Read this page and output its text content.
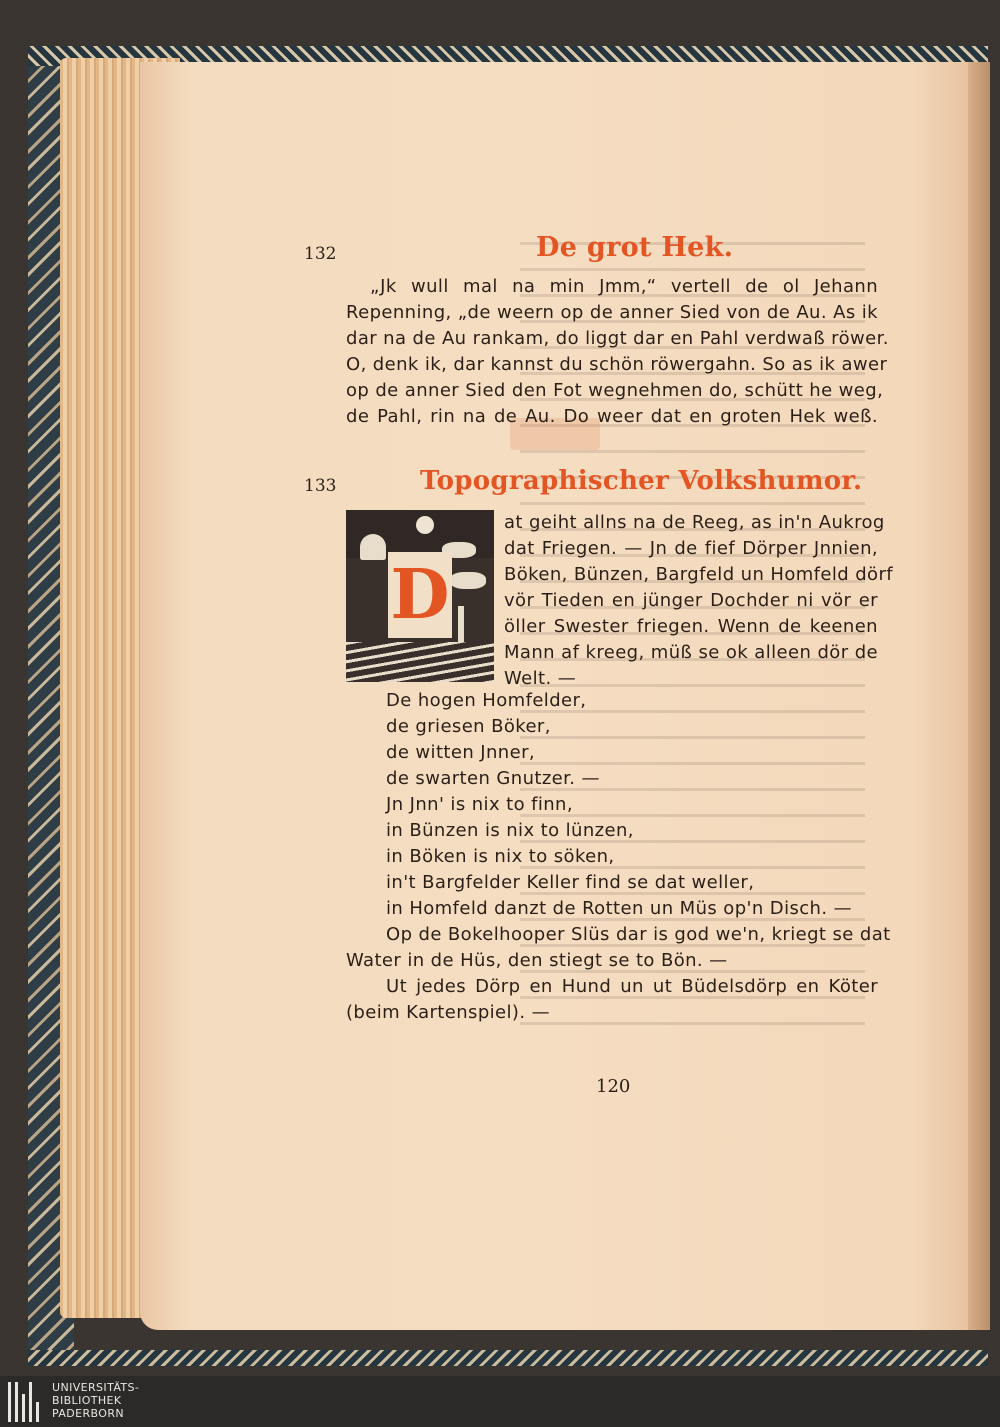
132	De grot Hek.
„Jk wull mal na min Jmm,“ vertell de ol Jehann
Repenning, „de weern op de anner Sied von de Au. As ik
dar na de Au rankam, do liggt dar en Pahl verdwaß röwer.
O, denk ik, dar kannst du schön röwergahn. So as ik awer
op de anner Sied den Fot wegnehmen do, schütt he weg,
de Pahl, rin na de Au. Do weer dat en groten Hek weß.
133	Topographischer Volkshumor.
D
at geiht allns na de Reeg, as in'n Aukrog
dat Friegen. — Jn de fief Dörper Jnnien,
Böken, Bünzen, Bargfeld un Homfeld dörf
vör Tieden en jünger Dochder ni vör er
öller Swester friegen. Wenn de keenen
Mann af kreeg, müß se ok alleen dör de
Welt. —
De hogen Homfelder,
de griesen Böker,
de witten Jnner,
de swarten Gnutzer. —
Jn Jnn' is nix to finn,
in Bünzen is nix to lünzen,
in Böken is nix to söken,
in't Bargfelder Keller find se dat weller,
in Homfeld danzt de Rotten un Müs op'n Disch. —
Op de Bokelhooper Slüs dar is god we'n, kriegt se dat
Water in de Hüs, den stiegt se to Bön. —
Ut jedes Dörp en Hund un ut Büdelsdörp en Köter
(beim Kartenspiel). —
120
UNIVERSITÄTS-
BIBLIOTHEK
PADERBORN
